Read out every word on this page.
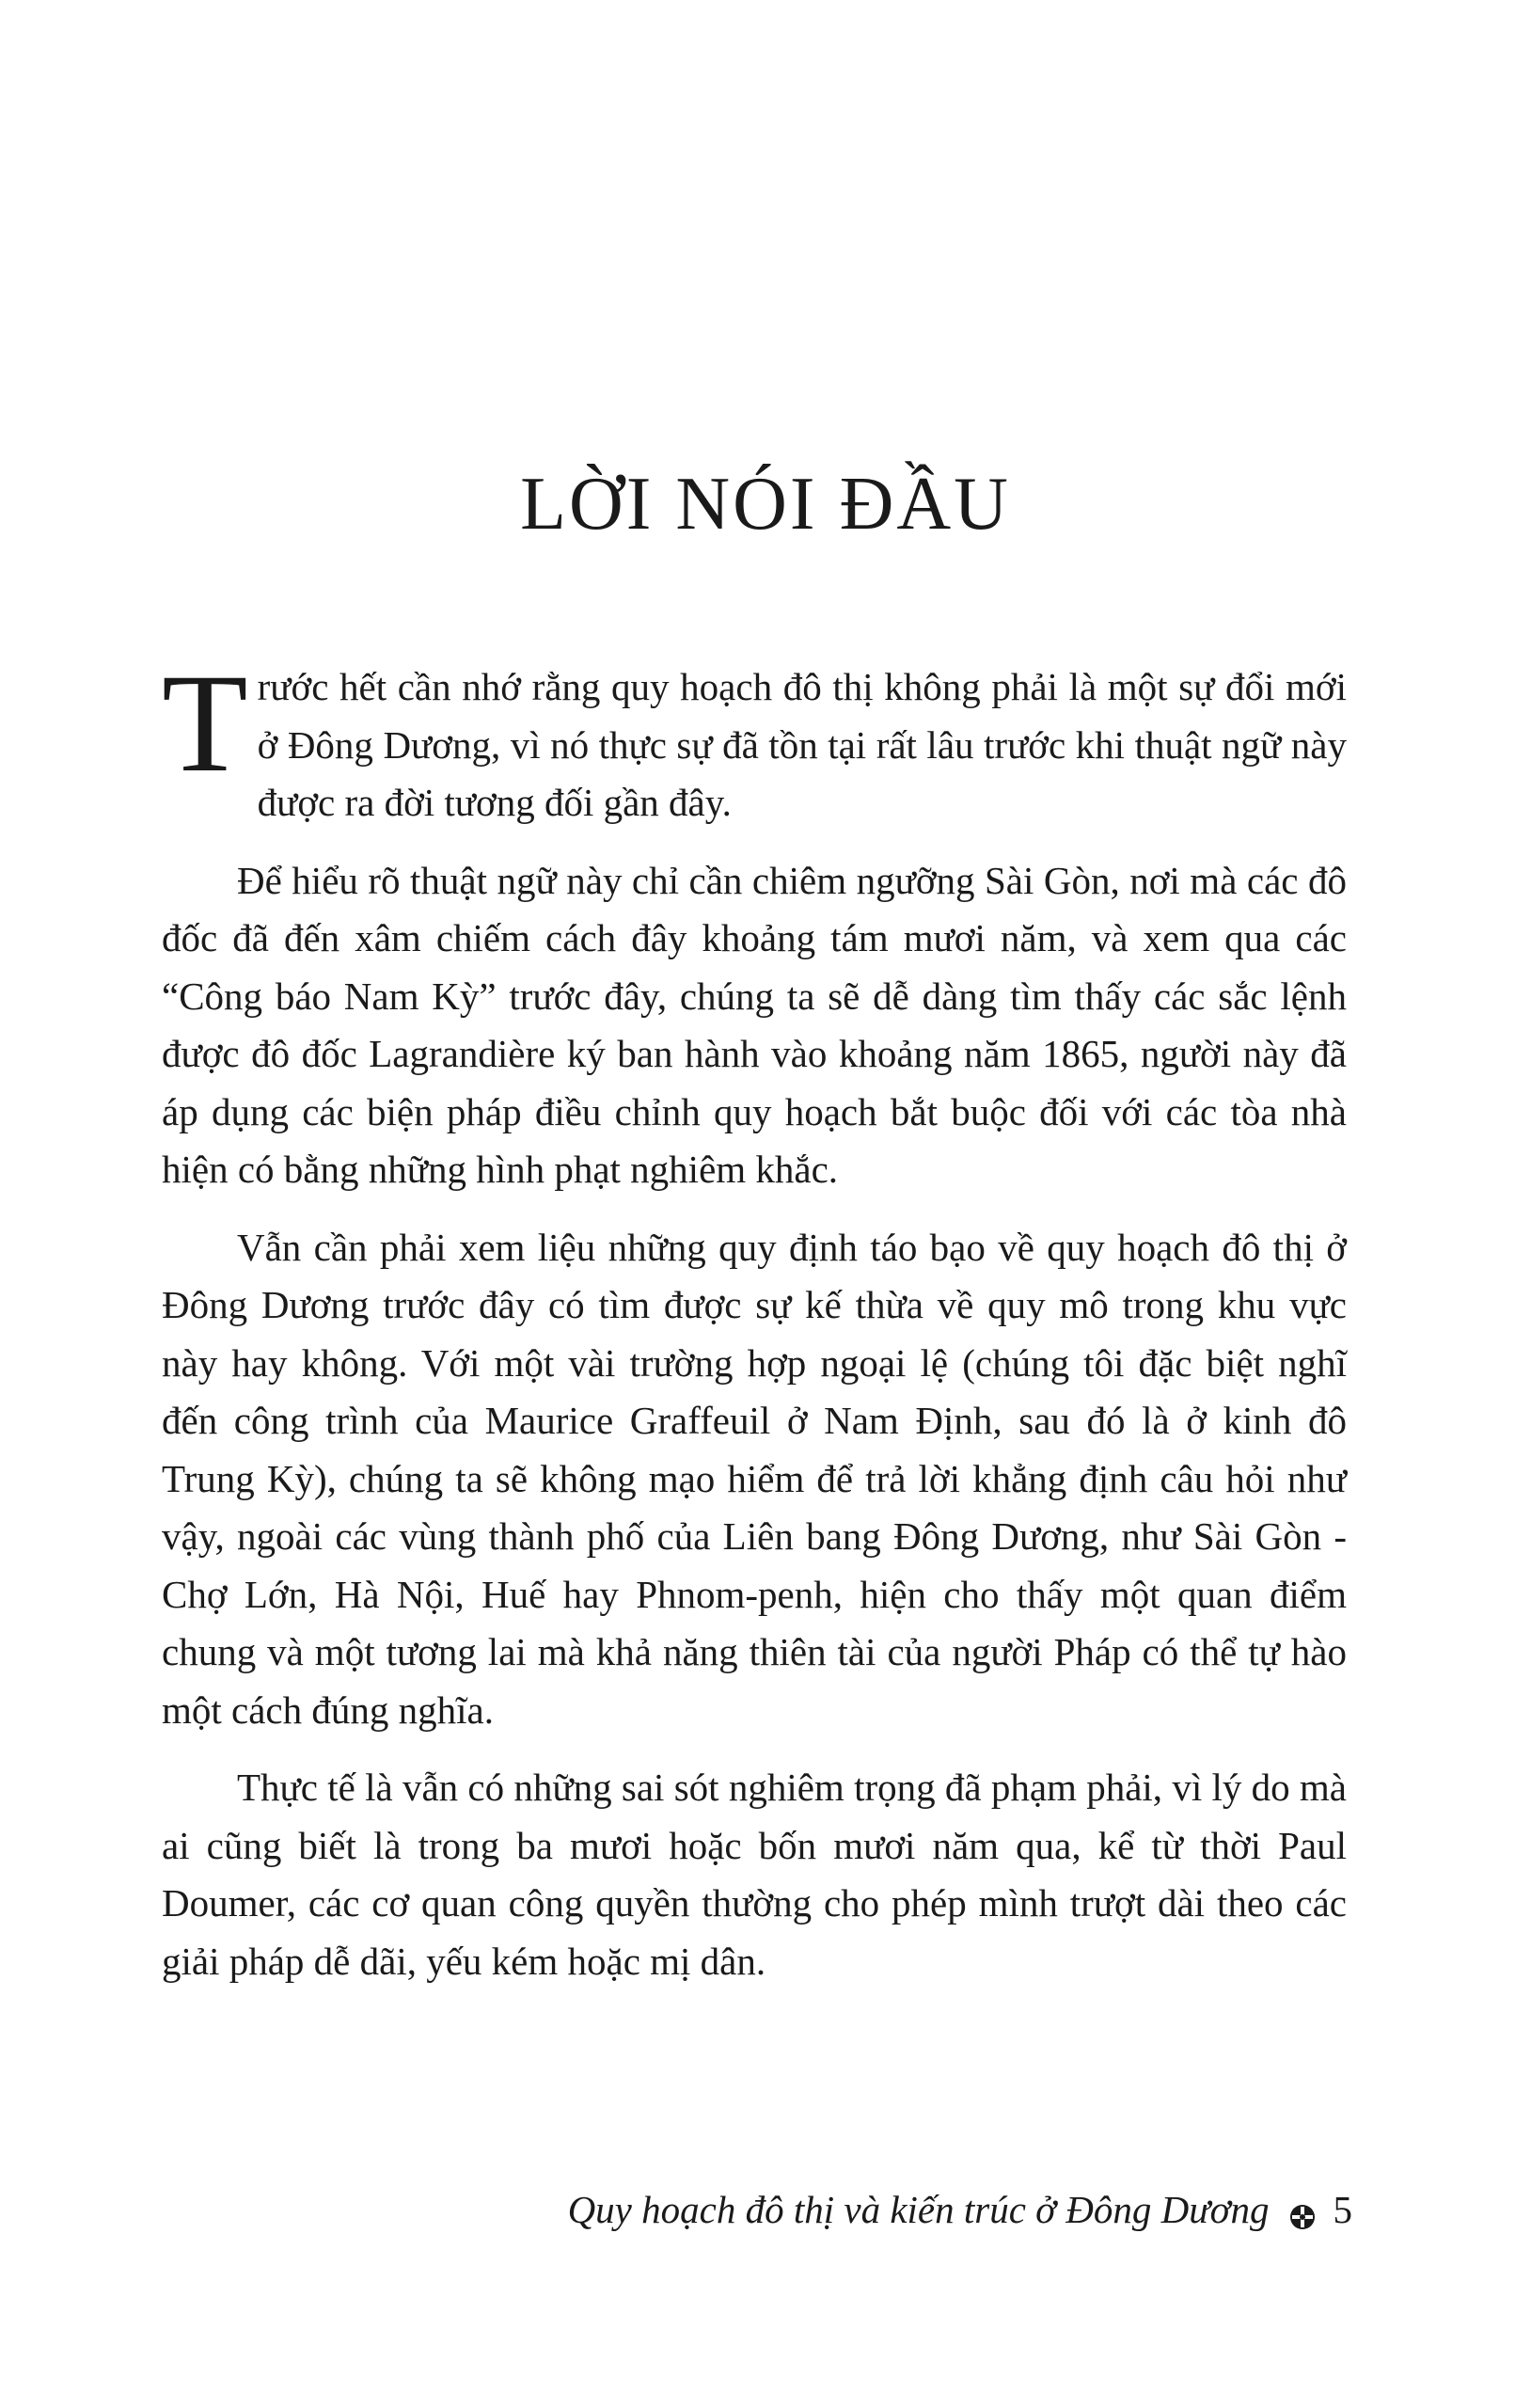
LỜI NÓI ĐẦU

Trước hết cần nhớ rằng quy hoạch đô thị không phải là một sự đổi mới ở Đông Dương, vì nó thực sự đã tồn tại rất lâu trước khi thuật ngữ này được ra đời tương đối gần đây.

Để hiểu rõ thuật ngữ này chỉ cần chiêm ngưỡng Sài Gòn, nơi mà các đô đốc đã đến xâm chiếm cách đây khoảng tám mươi năm, và xem qua các “Công báo Nam Kỳ” trước đây, chúng ta sẽ dễ dàng tìm thấy các sắc lệnh được đô đốc Lagrandière ký ban hành vào khoảng năm 1865, người này đã áp dụng các biện pháp điều chỉnh quy hoạch bắt buộc đối với các tòa nhà hiện có bằng những hình phạt nghiêm khắc.

Vẫn cần phải xem liệu những quy định táo bạo về quy hoạch đô thị ở Đông Dương trước đây có tìm được sự kế thừa về quy mô trong khu vực này hay không. Với một vài trường hợp ngoại lệ (chúng tôi đặc biệt nghĩ đến công trình của Maurice Graffeuil ở Nam Định, sau đó là ở kinh đô Trung Kỳ), chúng ta sẽ không mạo hiểm để trả lời khẳng định câu hỏi như vậy, ngoài các vùng thành phố của Liên bang Đông Dương, như Sài Gòn - Chợ Lớn, Hà Nội, Huế hay Phnom-penh, hiện cho thấy một quan điểm chung và một tương lai mà khả năng thiên tài của người Pháp có thể tự hào một cách đúng nghĩa.

Thực tế là vẫn có những sai sót nghiêm trọng đã phạm phải, vì lý do mà ai cũng biết là trong ba mươi hoặc bốn mươi năm qua, kể từ thời Paul Doumer, các cơ quan công quyền thường cho phép mình trượt dài theo các giải pháp dễ dãi, yếu kém hoặc mị dân.

Quy hoạch đô thị và kiến trúc ở Đông Dương 5
